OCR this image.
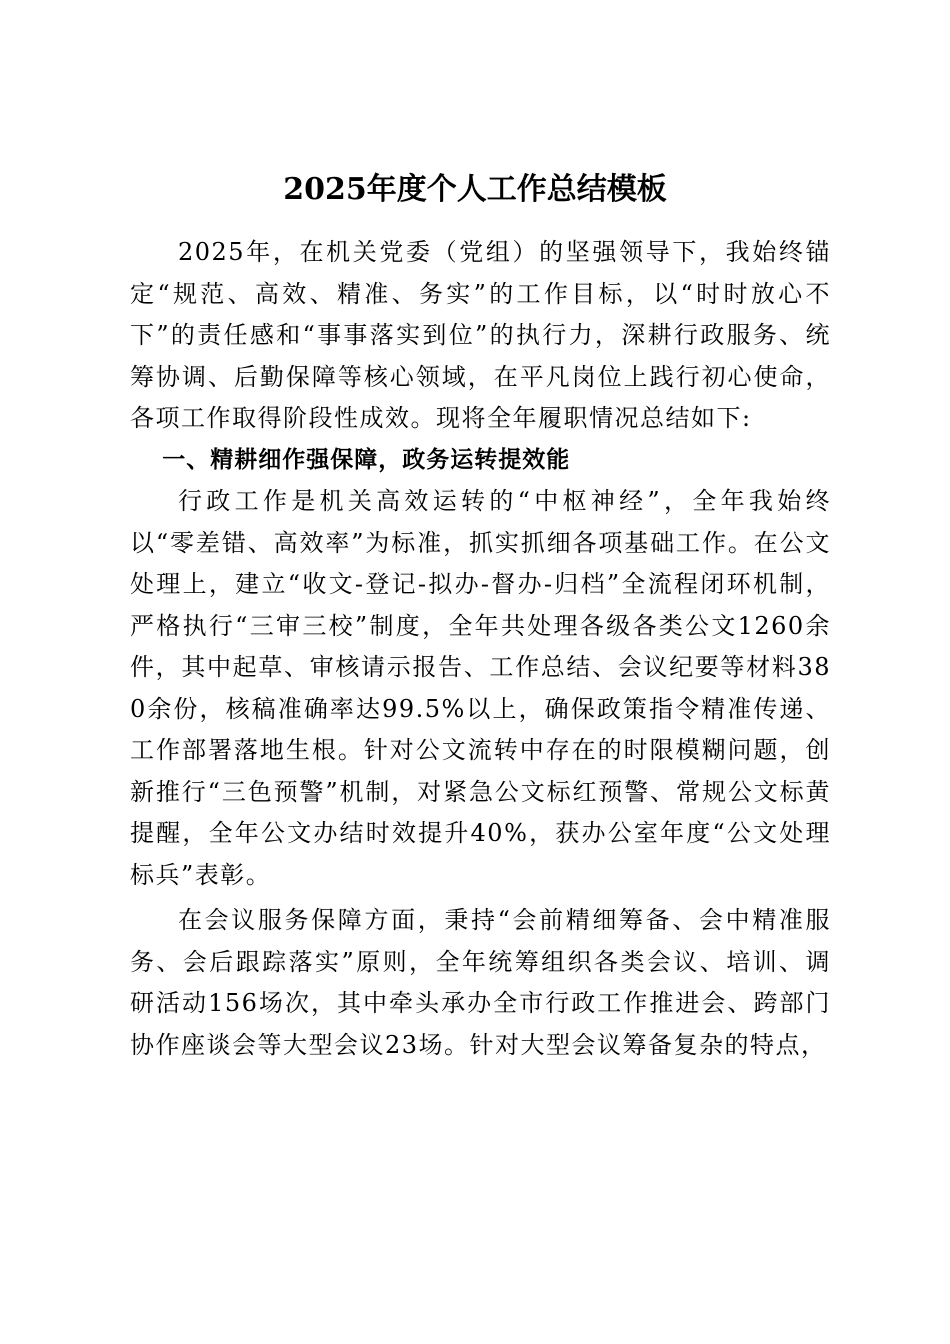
2025年度个人工作总结模板

2025年，在机关党委（党组）的坚强领导下，我始终锚定“规范、高效、精准、务实”的工作目标，以“时时放心不下”的责任感和“事事落实到位”的执行力，深耕行政服务、统筹协调、后勤保障等核心领域，在平凡岗位上践行初心使命，各项工作取得阶段性成效。现将全年履职情况总结如下:

一、精耕细作强保障，政务运转提效能

行政工作是机关高效运转的“中枢神经”，全年我始终以“零差错、高效率”为标准，抓实抓细各项基础工作。在公文处理上，建立“收文-登记-拟办-督办-归档”全流程闭环机制，严格执行“三审三校”制度，全年共处理各级各类公文1260余件，其中起草、审核请示报告、工作总结、会议纪要等材料380余份，核稿准确率达99.5%以上，确保政策指令精准传递、工作部署落地生根。针对公文流转中存在的时限模糊问题，创新推行“三色预警”机制，对紧急公文标红预警、常规公文标黄提醒，全年公文办结时效提升40%，获办公室年度“公文处理标兵”表彰。

在会议服务保障方面，秉持“会前精细筹备、会中精准服务、会后跟踪落实”原则，全年统筹组织各类会议、培训、调研活动156场次，其中牵头承办全市行政工作推进会、跨部门协作座谈会等大型会议23场。针对大型会议筹备复杂的特点，
